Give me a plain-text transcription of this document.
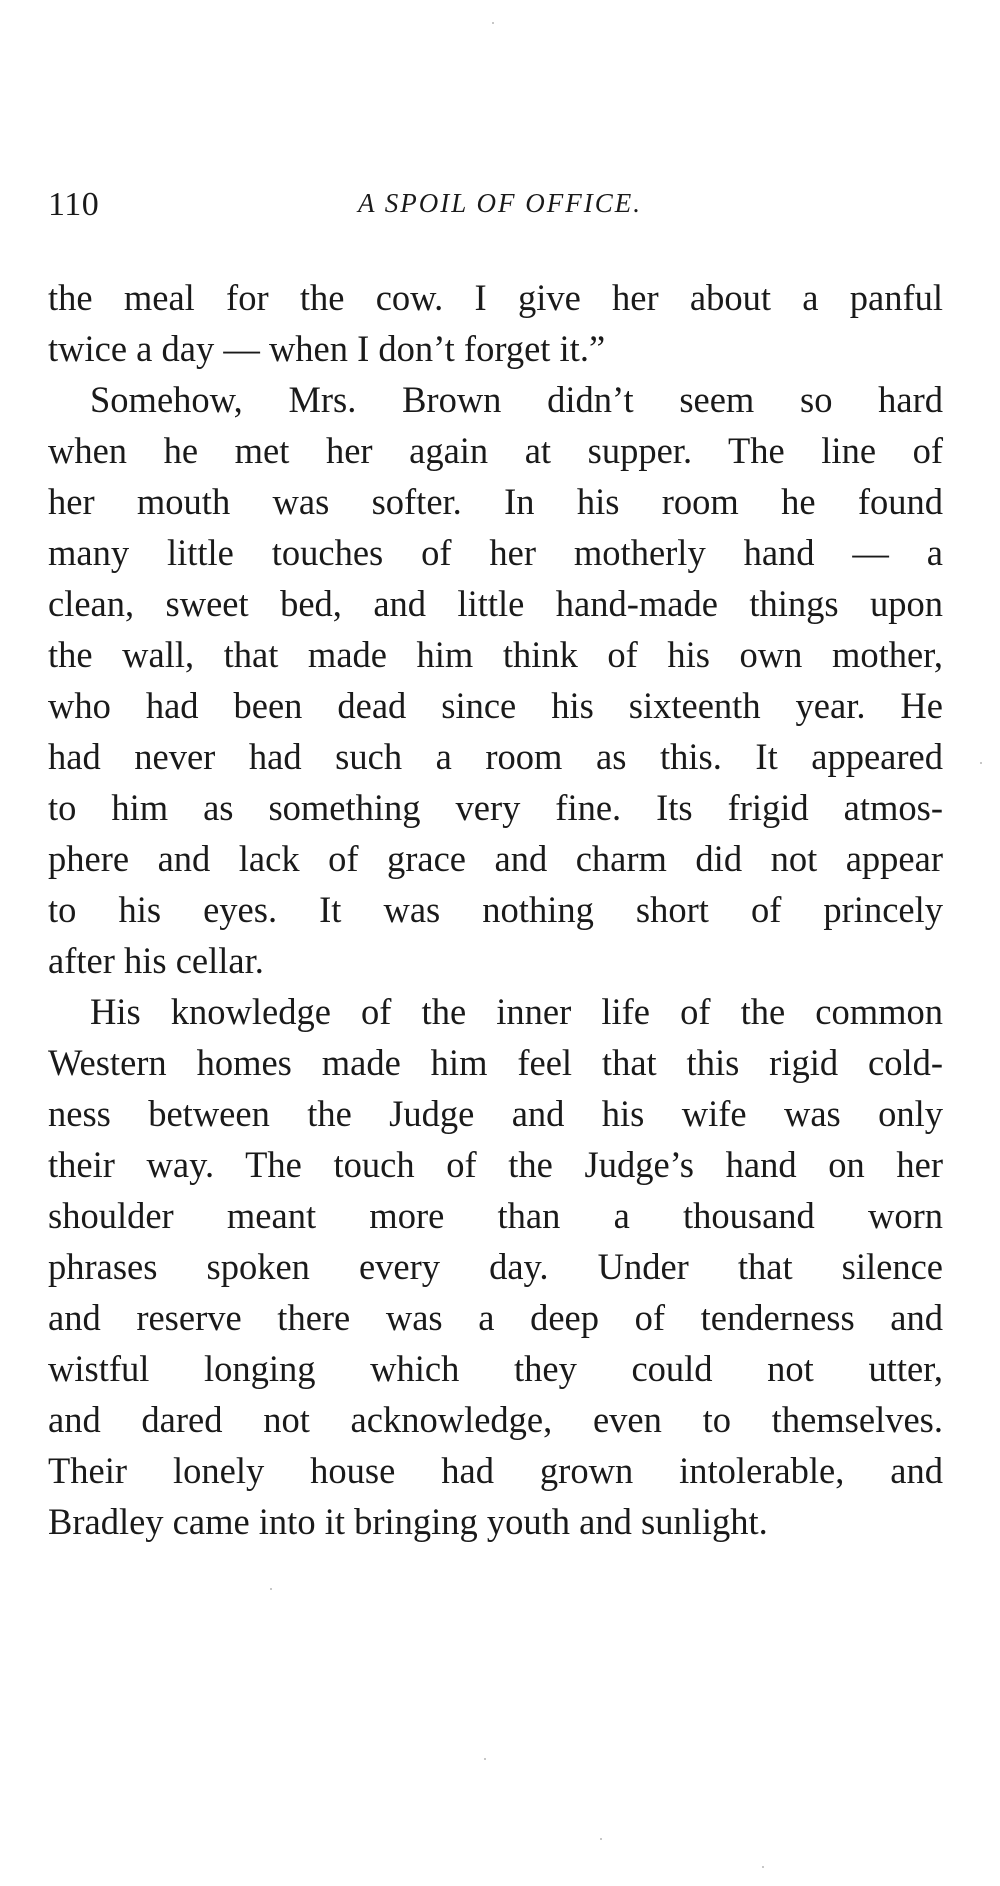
110	A SPOIL OF OFFICE.
the meal for the cow. I give her about a panful
twice a day — when I don’t forget it.”
Somehow, Mrs. Brown didn’t seem so hard
when he met her again at supper. The line of
her mouth was softer. In his room he found
many little touches of her motherly hand — a
clean, sweet bed, and little hand-made things upon
the wall, that made him think of his own mother,
who had been dead since his sixteenth year. He
had never had such a room as this. It appeared
to him as something very fine. Its frigid atmos-
phere and lack of grace and charm did not appear
to his eyes. It was nothing short of princely
after his cellar.
His knowledge of the inner life of the common
Western homes made him feel that this rigid cold-
ness between the Judge and his wife was only
their way. The touch of the Judge’s hand on her
shoulder meant more than a thousand worn
phrases spoken every day. Under that silence
and reserve there was a deep of tenderness and
wistful longing which they could not utter,
and dared not acknowledge, even to themselves.
Their lonely house had grown intolerable, and
Bradley came into it bringing youth and sunlight.
